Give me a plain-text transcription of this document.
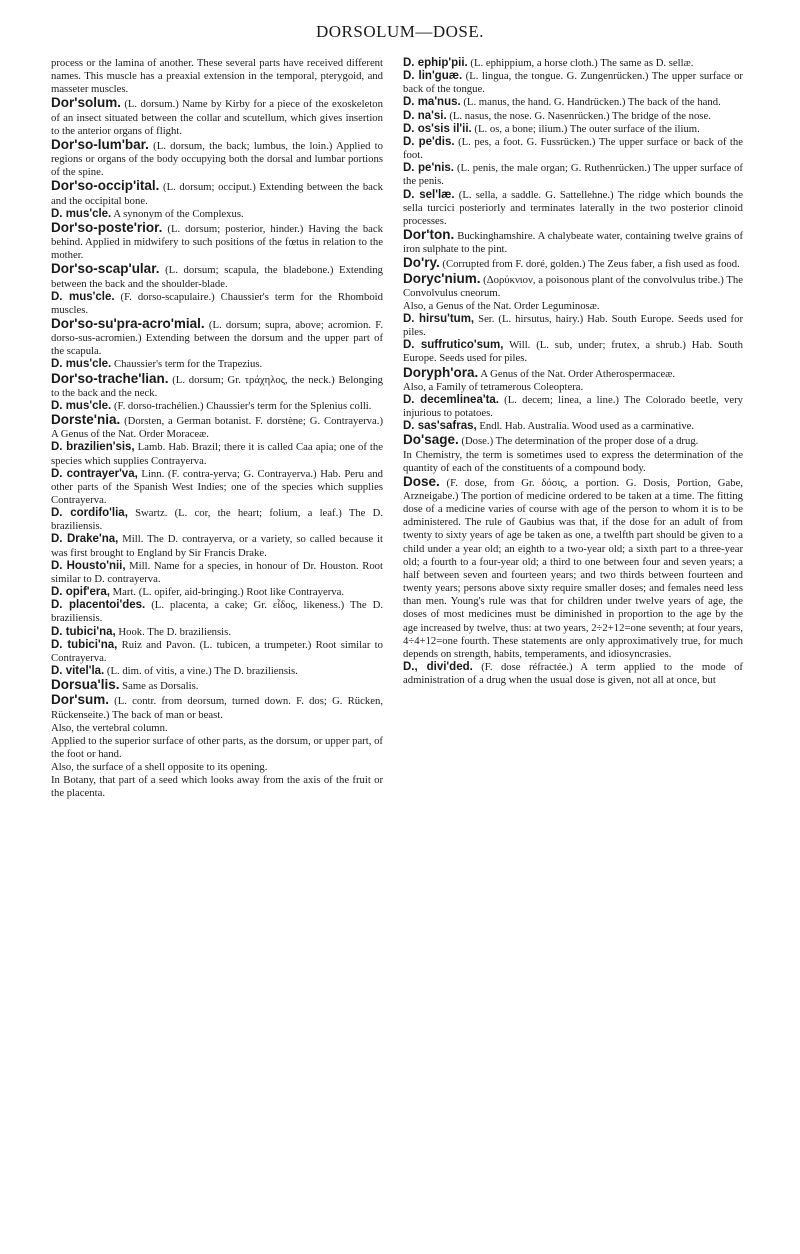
DORSOLUM—DOSE.

process or the lamina of another. These several parts have received different names. This muscle has a preaxial extension in the temporal, pterygoid, and masseter muscles.

Dor'solum. (L. dorsum.) Name by Kirby for a piece of the exoskeleton of an insect situated between the collar and scutellum, which gives insertion to the anterior organs of flight.

Dor'so-lum'bar. (L. dorsum, the back; lumbus, the loin.) Applied to regions or organs of the body occupying both the dorsal and lumbar portions of the spine.

Dor'so-occip'ital. (L. dorsum; occiput.) Extending between the back and the occipital bone.

D. mus'cle. A synonym of the Complexus.

Dor'so-poste'rior. (L. dorsum; posterior, hinder.) Having the back behind. Applied in midwifery to such positions of the fœtus in relation to the mother.

Dor'so-scap'ular. (L. dorsum; scapula, the bladebone.) Extending between the back and the shoulder-blade.

D. mus'cle. (F. dorso-scapulaire.) Chaussier's term for the Rhomboid muscles.

Dor'so-su'pra-acro'mial. (L. dorsum; supra, above; acromion. F. dorso-sus-acromien.) Extending between the dorsum and the upper part of the scapula.

D. mus'cle. Chaussier's term for the Trapezius.

Dor'so-trache'lian. (L. dorsum; Gr. τράχηλος, the neck.) Belonging to the back and the neck.

D. mus'cle. (F. dorso-trachélien.) Chaussier's term for the Splenius colli.

Dorste'nia. (Dorsten, a German botanist. F. dorstène; G. Contrayerva.) A Genus of the Nat. Order Moraceæ.

D. brazilien'sis, Lamb. Hab. Brazil; there it is called Caa apia; one of the species which supplies Contrayerva.

D. contrayer'va, Linn. (F. contra-yerva; G. Contrayerva.) Hab. Peru and other parts of the Spanish West Indies; one of the species which supplies Contrayerva.

D. cordifo'lia, Swartz. (L. cor, the heart; folium, a leaf.) The D. braziliensis.

D. Drake'na, Mill. The D. contrayerva, or a variety, so called because it was first brought to England by Sir Francis Drake.

D. Housto'nii, Mill. Name for a species, in honour of Dr. Houston. Root similar to D. contrayerva.

D. opif'era, Mart. (L. opifer, aid-bringing.) Root like Contrayerva.

D. placentoi'des. (L. placenta, a cake; Gr. εἶδος, likeness.) The D. braziliensis.

D. tubici'na, Hook. The D. braziliensis.

D. tubici'na, Ruiz and Pavon. (L. tubicen, a trumpeter.) Root similar to Contrayerva.

D. vitel'la. (L. dim. of vitis, a vine.) The D. braziliensis.

Dorsua'lis. Same as Dorsalis.

Dor'sum. (L. contr. from deorsum, turned down. F. dos; G. Rücken, Rückenseite.) The back of man or beast.

Also, the vertebral column.

Applied to the superior surface of other parts, as the dorsum, or upper part, of the foot or hand.

Also, the surface of a shell opposite to its opening.

In Botany, that part of a seed which looks away from the axis of the fruit or the placenta.

D. ephip'pii. (L. ephippium, a horse cloth.) The same as D. sellæ.

D. lin'guæ. (L. lingua, the tongue. G. Zungenrücken.) The upper surface or back of the tongue.

D. ma'nus. (L. manus, the hand. G. Handrücken.) The back of the hand.

D. na'si. (L. nasus, the nose. G. Nasenrücken.) The bridge of the nose.

D. os'sis il'ii. (L. os, a bone; ilium.) The outer surface of the ilium.

D. pe'dis. (L. pes, a foot. G. Fussrücken.) The upper surface or back of the foot.

D. pe'nis. (L. penis, the male organ; G. Ruthenrücken.) The upper surface of the penis.

D. sel'læ. (L. sella, a saddle. G. Sattellehne.) The ridge which bounds the sella turcici posteriorly and terminates laterally in the two posterior clinoid processes.

Dor'ton. Buckinghamshire. A chalybeate water, containing twelve grains of iron sulphate to the pint.

Do'ry. (Corrupted from F. doré, golden.) The Zeus faber, a fish used as food.

Doryc'nium. (Δορύκνιον, a poisonous plant of the convolvulus tribe.) The Convolvulus cneorum.

Also, a Genus of the Nat. Order Leguminosæ.

D. hirsu'tum, Ser. (L. hirsutus, hairy.) Hab. South Europe. Seeds used for piles.

D. suffrutico'sum, Will. (L. sub, under; frutex, a shrub.) Hab. South Europe. Seeds used for piles.

Doryph'ora. A Genus of the Nat. Order Atherospermaceæ.

Also, a Family of tetramerous Coleoptera.

D. decemlinea'ta. (L. decem; linea, a line.) The Colorado beetle, very injurious to potatoes.

D. sas'safras, Endl. Hab. Australia. Wood used as a carminative.

Do'sage. (Dose.) The determination of the proper dose of a drug.

In Chemistry, the term is sometimes used to express the determination of the quantity of each of the constituents of a compound body.

Dose. (F. dose, from Gr. δόσις, a portion. G. Dosis, Portion, Gabe, Arzneigabe.) The portion of medicine ordered to be taken at a time. The fitting dose of a medicine varies of course with age of the person to whom it is to be administered. The rule of Gaubius was that, if the dose for an adult of from twenty to sixty years of age be taken as one, a twelfth part should be given to a child under a year old; an eighth to a two-year old; a sixth part to a three-year old; a fourth to a four-year old; a third to one between four and seven years; a half between seven and fourteen years; and two thirds between fourteen and twenty years; persons above sixty require smaller doses; and females need less than men. Young's rule was that for children under twelve years of age, the doses of most medicines must be diminished in proportion to the age by the age increased by twelve, thus: at two years, 2÷2+12=one seventh; at four years, 4÷4+12=one fourth. These statements are only approximatively true, for much depends on strength, habits, temperaments, and idiosyncrasies.

D., divi'ded. (F. dose réfractée.) A term applied to the mode of administration of a drug when the usual dose is given, not all at once, but
